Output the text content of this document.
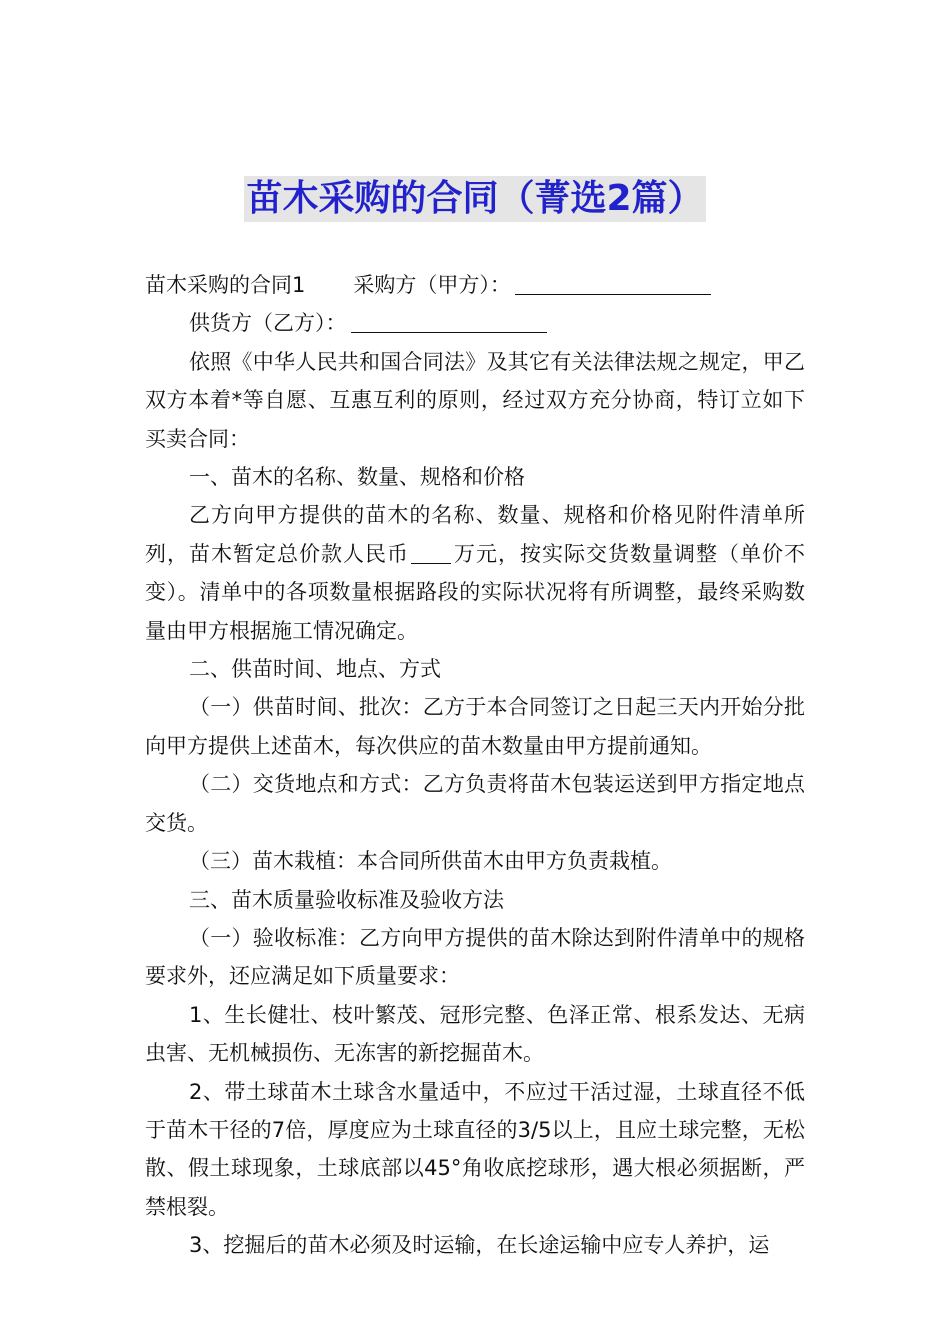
苗木采购的合同（菁选2篇）

苗木采购的合同1 采购方（甲方）：

供货方（乙方）：

依照《中华人民共和国合同法》及其它有关法律法规之规定，甲乙双方本着*等自愿、互惠互利的原则，经过双方充分协商，特订立如下买卖合同：

一、苗木的名称、数量、规格和价格

乙方向甲方提供的苗木的名称、数量、规格和价格见附件清单所列，苗木暂定总价款人民币 万元，按实际交货数量调整（单价不变）。清单中的各项数量根据路段的实际状况将有所调整，最终采购数量由甲方根据施工情况确定。

二、供苗时间、地点、方式

（一）供苗时间、批次：乙方于本合同签订之日起三天内开始分批向甲方提供上述苗木，每次供应的苗木数量由甲方提前通知。

（二）交货地点和方式：乙方负责将苗木包装运送到甲方指定地点交货。

（三）苗木栽植：本合同所供苗木由甲方负责栽植。

三、苗木质量验收标准及验收方法

（一）验收标准：乙方向甲方提供的苗木除达到附件清单中的规格要求外，还应满足如下质量要求：

1、生长健壮、枝叶繁茂、冠形完整、色泽正常、根系发达、无病虫害、无机械损伤、无冻害的新挖掘苗木。

2、带土球苗木土球含水量适中，不应过干活过湿，土球直径不低于苗木干径的7倍，厚度应为土球直径的3/5以上，且应土球完整，无松散、假土球现象，土球底部以45°角收底挖球形，遇大根必须据断，严禁根裂。

3、挖掘后的苗木必须及时运输，在长途运输中应专人养护，运
